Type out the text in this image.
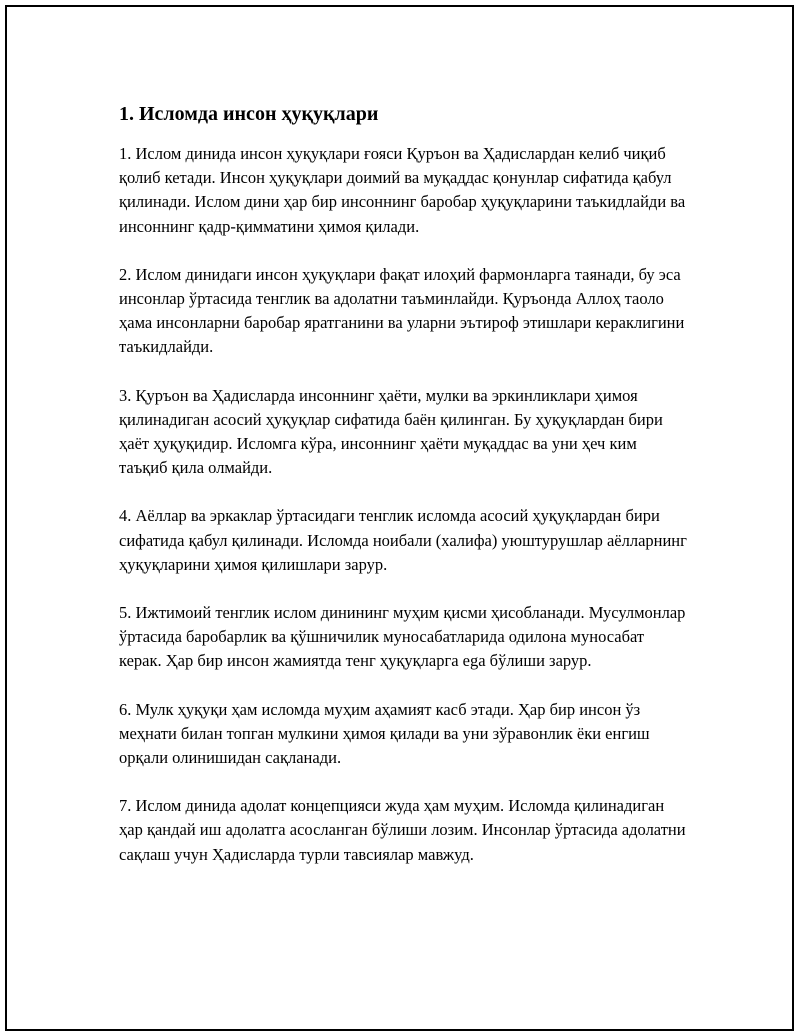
1. Исломда инсон ҳуқуқлари

1. Ислом динида инсон ҳуқуқлари ғояси Қуръон ва Ҳадислардан келиб чиқиб қолиб кетади. Инсон ҳуқуқлари доимий ва муқаддас қонунлар сифатида қабул қилинади. Ислом дини ҳар бир инсоннинг баробар ҳуқуқларини таъкидлайди ва инсоннинг қадр-қимматини ҳимоя қилади.

2. Ислом динидаги инсон ҳуқуқлари фақат илоҳий фармонларга таянади, бу эса инсонлар ўртасида тенглик ва адолатни таъминлайди. Қуръонда Аллоҳ таоло ҳама инсонларни баробар яратганини ва уларни эътироф этишлари кераклигини таъкидлайди.

3. Қуръон ва Ҳадисларда инсоннинг ҳаёти, мулки ва эркинликлари ҳимоя қилинадиган асосий ҳуқуқлар сифатида баён қилинган. Бу ҳуқуқлардан бири ҳаёт ҳуқуқидир. Исломга кўра, инсоннинг ҳаёти муқаддас ва уни ҳеч ким таъқиб қила олмайди.

4. Аёллар ва эркаклар ўртасидаги тенглик исломда асосий ҳуқуқлардан бири сифатида қабул қилинади. Исломда ноибали (халифа) уюштурушлар аёлларнинг ҳуқуқларини ҳимоя қилишлари зарур.

5. Ижтимоий тенглик ислом динининг муҳим қисми ҳисобланади. Мусулмонлар ўртасида баробарлик ва қўшничилик муносабатларида одилона муносабат керак. Ҳар бир инсон жамиятда тенг ҳуқуқларга ega бўлиши зарур.

6. Мулк ҳуқуқи ҳам исломда муҳим аҳамият касб этади. Ҳар бир инсон ўз меҳнати билан топган мулкини ҳимоя қилади ва уни зўравонлик ёки енгиш орқали олинишидан сақланади.

7. Ислом динида адолат концепцияси жуда ҳам муҳим. Исломда қилинадиган ҳар қандай иш адолатга асосланган бўлиши лозим. Инсонлар ўртасида адолатни сақлаш учун Ҳадисларда турли тавсиялар мавжуд.
